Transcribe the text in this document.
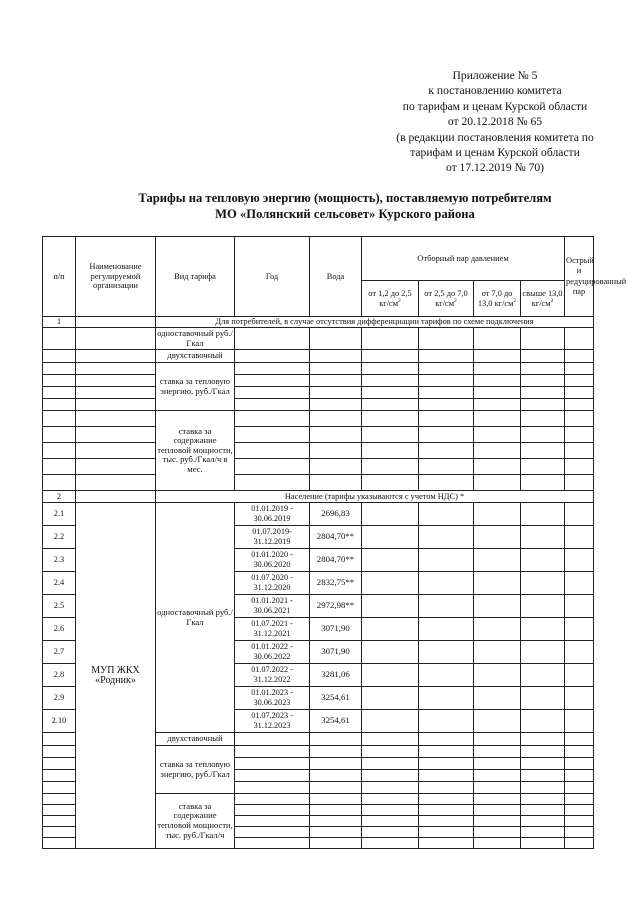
Приложение № 5
к постановлению комитета
по тарифам и ценам Курской области
от 20.12.2018 № 65
(в редакции постановления комитета по
тарифам и ценам Курской области
от 17.12.2019 № 70)
Тарифы на тепловую энергию (мощность), поставляемую потребителям
МО «Полянский сельсовет» Курского района
п/п	Наименование регулируемой организации	Вид тарифа	Год	Вода	Отборный пар давлением				Острый и редуцированный пар
					от 1,2 до 2,5 $кг/см^2$	от 2,5 до 7,0 $кг/см^2$	от 7,0 до 13,0 $кг/см^2$	свыше 13,0 $кг/см^2$
1		Для потребителей, в случае отсутствия дифференциации тарифов по схеме подключения							
		одноставочный руб./Гкал							
		двухставочный							
		ставка за тепловую энергию, руб./Гкал							

		ставка за содержание тепловой мощности, тыс. руб./Гкал/ч в мес.							

2		Население (тарифы указываются с учетом НДС) *							
2.1	МУП ЖКХ «Родник»	одноставочный руб./Гкал	01.01.2019 - 30.06.2019	2696,83					
2.2			01.07.2019- 31.12.2019	2804,70**					
2.3			01.01.2020 - 30.06.2020	2804,70**					
2.4			01.07.2020 - 31.12.2020	2832,75**					
2.5			01.01.2021 - 30.06.2021	2972,98**					
2.6			01.07.2021 - 31.12.2021	3071,90					
2.7			01.01.2022 - 30.06.2022	3071,90					
2.8			01.07.2022 - 31.12.2022	3281,06					
2.9			01.01.2023 - 30.06.2023	3254,61					
2.10			01.07.2023 - 31.12.2023	3254,61					
		двухставочный							
		ставка за тепловую энергию, руб./Гкал							

		ставка за содержание тепловой мощности, тыс. руб./Гкал/ч							
